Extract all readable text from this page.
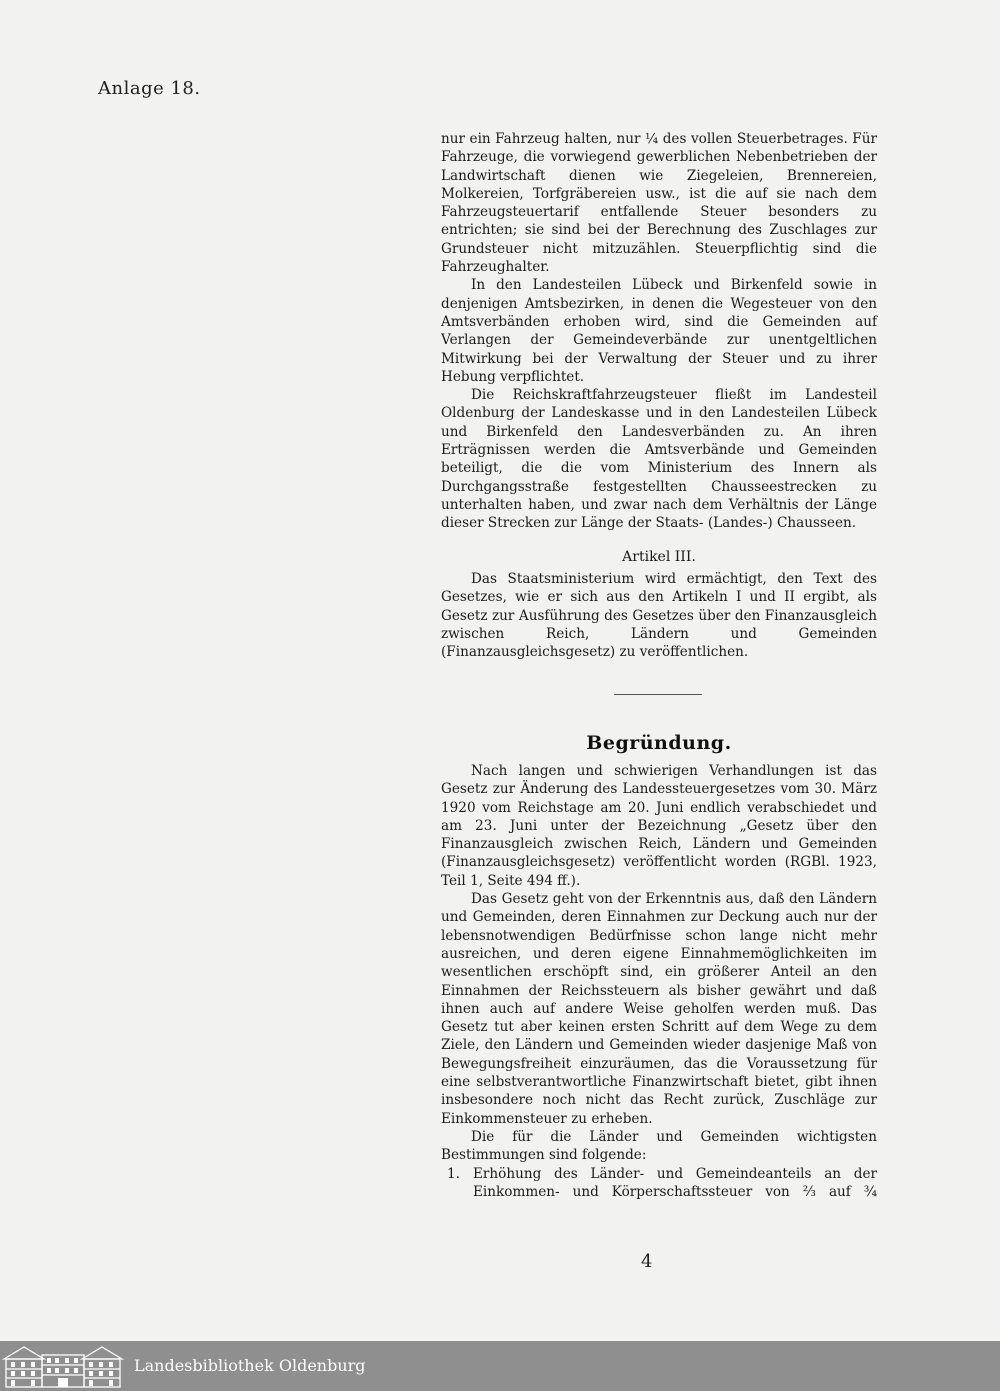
Anlage 18.

nur ein Fahrzeug halten, nur ¼ des vollen Steuerbetrages. Für Fahrzeuge, die vorwiegend gewerblichen Nebenbetrieben der Landwirtschaft dienen wie Ziegeleien, Brennereien, Molkereien, Torfgräbereien usw., ist die auf sie nach dem Fahrzeugsteuertarif entfallende Steuer besonders zu entrichten; sie sind bei der Berechnung des Zuschlages zur Grundsteuer nicht mitzuzählen. Steuerpflichtig sind die Fahrzeughalter.

In den Landesteilen Lübeck und Birkenfeld sowie in denjenigen Amtsbezirken, in denen die Wegesteuer von den Amtsverbänden erhoben wird, sind die Gemeinden auf Verlangen der Gemeindeverbände zur unentgeltlichen Mitwirkung bei der Verwaltung der Steuer und zu ihrer Hebung verpflichtet.

Die Reichskraftfahrzeugsteuer fließt im Landesteil Oldenburg der Landeskasse und in den Landesteilen Lübeck und Birkenfeld den Landesverbänden zu. An ihren Erträgnissen werden die Amtsverbände und Gemeinden beteiligt, die die vom Ministerium des Innern als Durchgangsstraße festgestellten Chausseestrecken zu unterhalten haben, und zwar nach dem Verhältnis der Länge dieser Strecken zur Länge der Staats- (Landes-) Chausseen.

Artikel III.

Das Staatsministerium wird ermächtigt, den Text des Gesetzes, wie er sich aus den Artikeln I und II ergibt, als Gesetz zur Ausführung des Gesetzes über den Finanzausgleich zwischen Reich, Ländern und Gemeinden (Finanzausgleichsgesetz) zu veröffentlichen.

Begründung.

Nach langen und schwierigen Verhandlungen ist das Gesetz zur Änderung des Landessteuergesetzes vom 30. März 1920 vom Reichstage am 20. Juni endlich verabschiedet und am 23. Juni unter der Bezeichnung „Gesetz über den Finanzausgleich zwischen Reich, Ländern und Gemeinden (Finanzausgleichsgesetz) veröffentlicht worden (RGBl. 1923, Teil 1, Seite 494 ff.).

Das Gesetz geht von der Erkenntnis aus, daß den Ländern und Gemeinden, deren Einnahmen zur Deckung auch nur der lebensnotwendigen Bedürfnisse schon lange nicht mehr ausreichen, und deren eigene Einnahmemöglichkeiten im wesentlichen erschöpft sind, ein größerer Anteil an den Einnahmen der Reichssteuern als bisher gewährt und daß ihnen auch auf andere Weise geholfen werden muß. Das Gesetz tut aber keinen ersten Schritt auf dem Wege zu dem Ziele, den Ländern und Gemeinden wieder dasjenige Maß von Bewegungsfreiheit einzuräumen, das die Voraussetzung für eine selbstverantwortliche Finanzwirtschaft bietet, gibt ihnen insbesondere noch nicht das Recht zurück, Zuschläge zur Einkommensteuer zu erheben.

Die für die Länder und Gemeinden wichtigsten Bestimmungen sind folgende:

1. Erhöhung des Länder- und Gemeindeanteils an der Einkommen- und Körperschaftssteuer von ⅔ auf ¾
4
Landesbibliothek Oldenburg
